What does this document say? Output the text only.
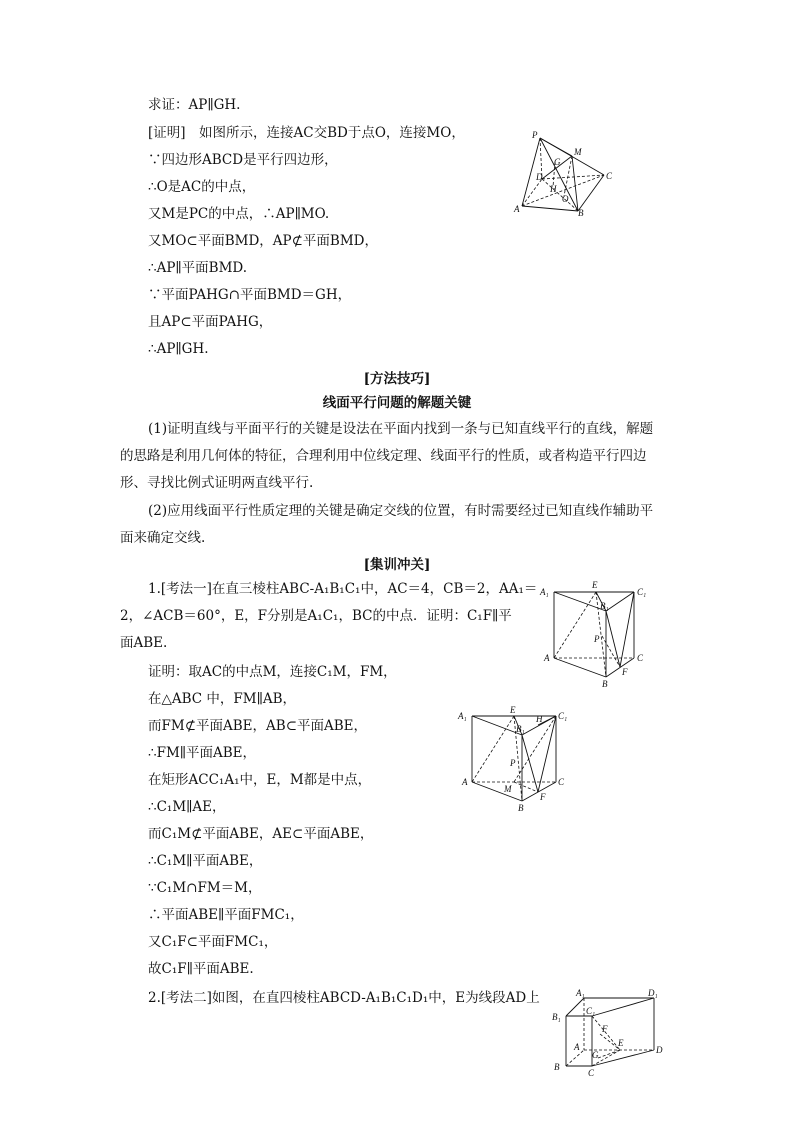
求证：AP∥GH.
[证明]　如图所示，连接AC交BD于点O，连接MO，
∵四边形ABCD是平行四边形，
∴O是AC的中点，
又M是PC的中点，∴AP∥MO.
又MO⊂平面BMD，AP⊄平面BMD，
∴AP∥平面BMD.
∵平面PAHG∩平面BMD＝GH，
且AP⊂平面PAHG，
∴AP∥GH.
P
M
G
D
H
C
O
A	B
[方法技巧]
线面平行问题的解题关键
(1)证明直线与平面平行的关键是设法在平面内找到一条与已知直线平行的直线，解题
的思路是利用几何体的特征，合理利用中位线定理、线面平行的性质，或者构造平行四边
形、寻找比例式证明两直线平行.
(2)应用线面平行性质定理的关键是确定交线的位置，有时需要经过已知直线作辅助平
面来确定交线.
[集训冲关]
1.[考法一]在直三棱柱ABC-A₁B₁C₁中，AC＝4，CB＝2，AA₁＝
2，∠ACB＝60°，E，F分别是A₁C₁，BC的中点．证明：C₁F∥平
面ABE.
A₁
E
B₁
C₁
P
A	C
B
F
证明：取AC的中点M，连接C₁M，FM，
在△ABC 中，FM∥AB，
而FM⊄平面ABE，AB⊂平面ABE，
∴FM∥平面ABE，
在矩形ACC₁A₁中，E，M都是中点，
∴C₁M∥AE，
而C₁M⊄平面ABE，AE⊂平面ABE，
∴C₁M∥平面ABE，
∵C₁M∩FM＝M，
∴平面ABE∥平面FMC₁，
又C₁F⊂平面FMC₁，
故C₁F∥平面ABE.
A₁
E
H C₁
B₁
P
A
M
C
F
B
2.[考法二]如图，在直四棱柱ABCD-A₁B₁C₁D₁中，E为线段AD上	A₁	D₁
B₁
C₁
F
A	E
G	D
B
C
